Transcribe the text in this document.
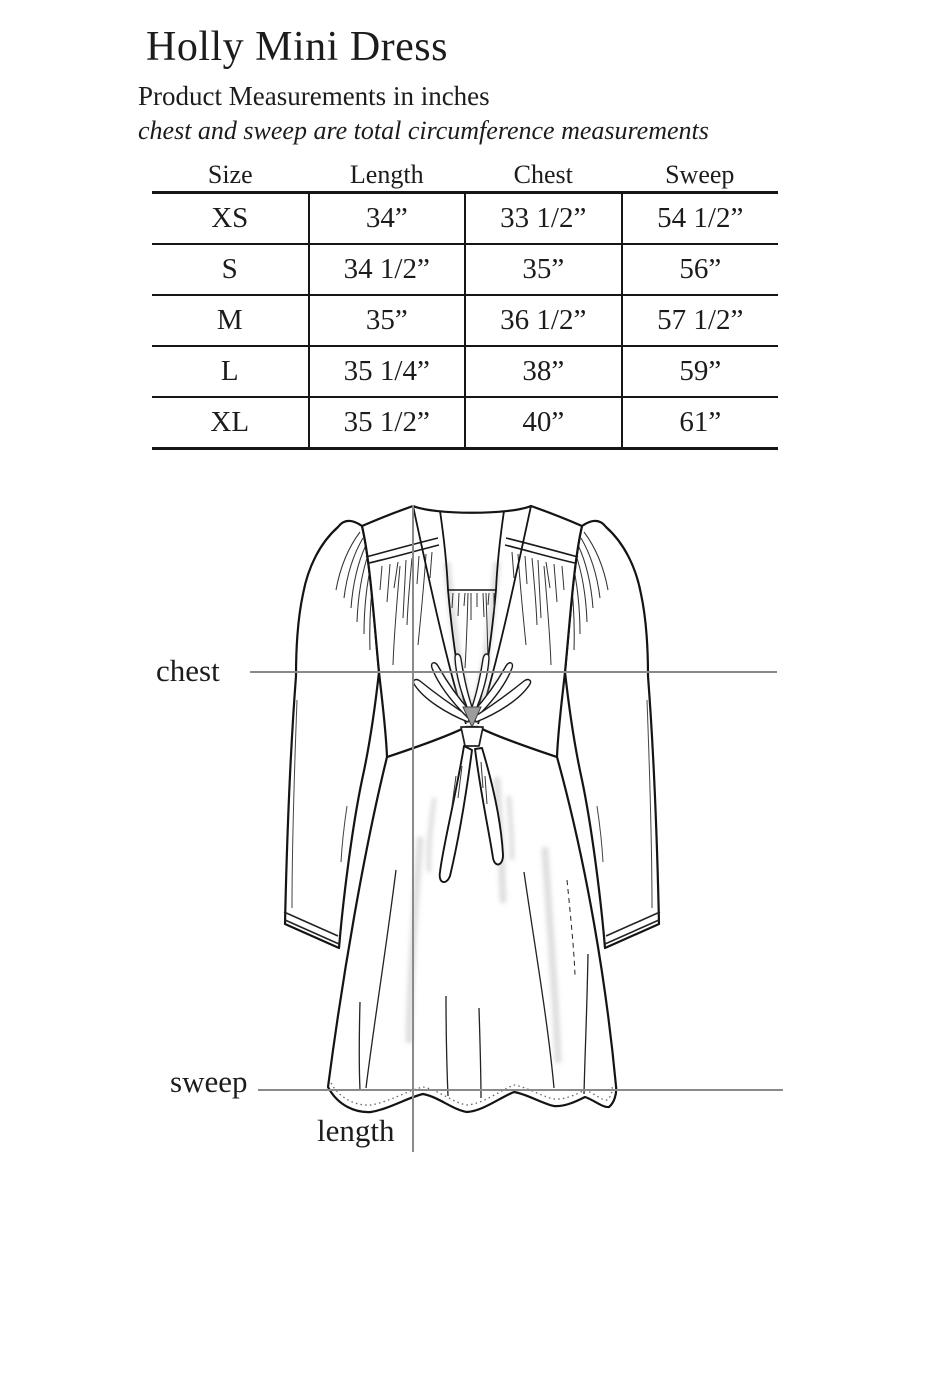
Holly Mini Dress
Product Measurements in inches
chest and sweep are total circumference measurements
Size	Length	Chest	Sweep
XS	34”	33 1/2”	54 1/2”
S	34 1/2”	35”	56”
M	35”	36 1/2”	57 1/2”
L	35 1/4”	38”	59”
XL	35 1/2”	40”	61”
chest
sweep
length
